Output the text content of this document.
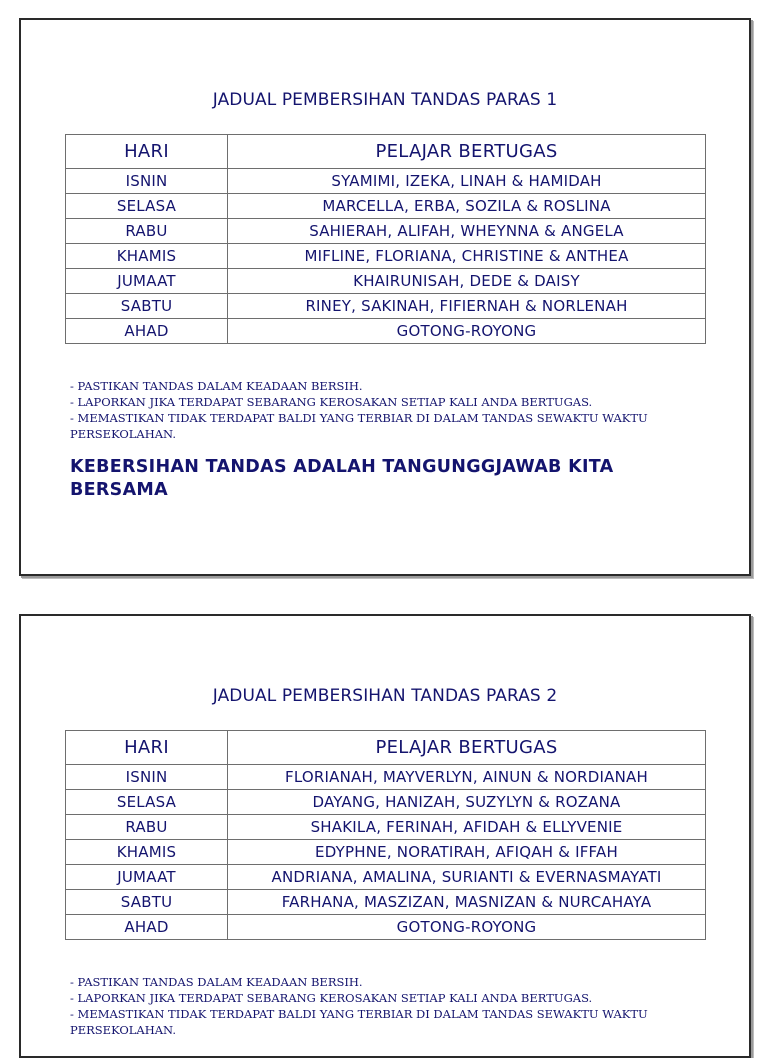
JADUAL PEMBERSIHAN TANDAS PARAS 1
HARI	PELAJAR BERTUGAS
ISNIN	SYAMIMI, IZEKA, LINAH & HAMIDAH
SELASA	MARCELLA, ERBA, SOZILA & ROSLINA
RABU	SAHIERAH, ALIFAH, WHEYNNA & ANGELA
KHAMIS	MIFLINE, FLORIANA, CHRISTINE & ANTHEA
JUMAAT	KHAIRUNISAH, DEDE & DAISY
SABTU	RINEY, SAKINAH, FIFIERNAH & NORLENAH
AHAD	GOTONG-ROYONG
- PASTIKAN TANDAS DALAM KEADAAN BERSIH.
- LAPORKAN JIKA TERDAPAT SEBARANG KEROSAKAN SETIAP KALI ANDA BERTUGAS.
- MEMASTIKAN TIDAK TERDAPAT BALDI YANG TERBIAR DI DALAM TANDAS SEWAKTU WAKTU PERSEKOLAHAN.
KEBERSIHAN TANDAS ADALAH TANGUNGGJAWAB KITA BERSAMA
JADUAL PEMBERSIHAN TANDAS PARAS 2
HARI	PELAJAR BERTUGAS
ISNIN	FLORIANAH, MAYVERLYN, AINUN & NORDIANAH
SELASA	DAYANG, HANIZAH, SUZYLYN & ROZANA
RABU	SHAKILA, FERINAH, AFIDAH & ELLYVENIE
KHAMIS	EDYPHNE, NORATIRAH, AFIQAH & IFFAH
JUMAAT	ANDRIANA, AMALINA, SURIANTI & EVERNASMAYATI
SABTU	FARHANA, MASZIZAN, MASNIZAN & NURCAHAYA
AHAD	GOTONG-ROYONG
- PASTIKAN TANDAS DALAM KEADAAN BERSIH.
- LAPORKAN JIKA TERDAPAT SEBARANG KEROSAKAN SETIAP KALI ANDA BERTUGAS.
- MEMASTIKAN TIDAK TERDAPAT BALDI YANG TERBIAR DI DALAM TANDAS SEWAKTU WAKTU PERSEKOLAHAN.
